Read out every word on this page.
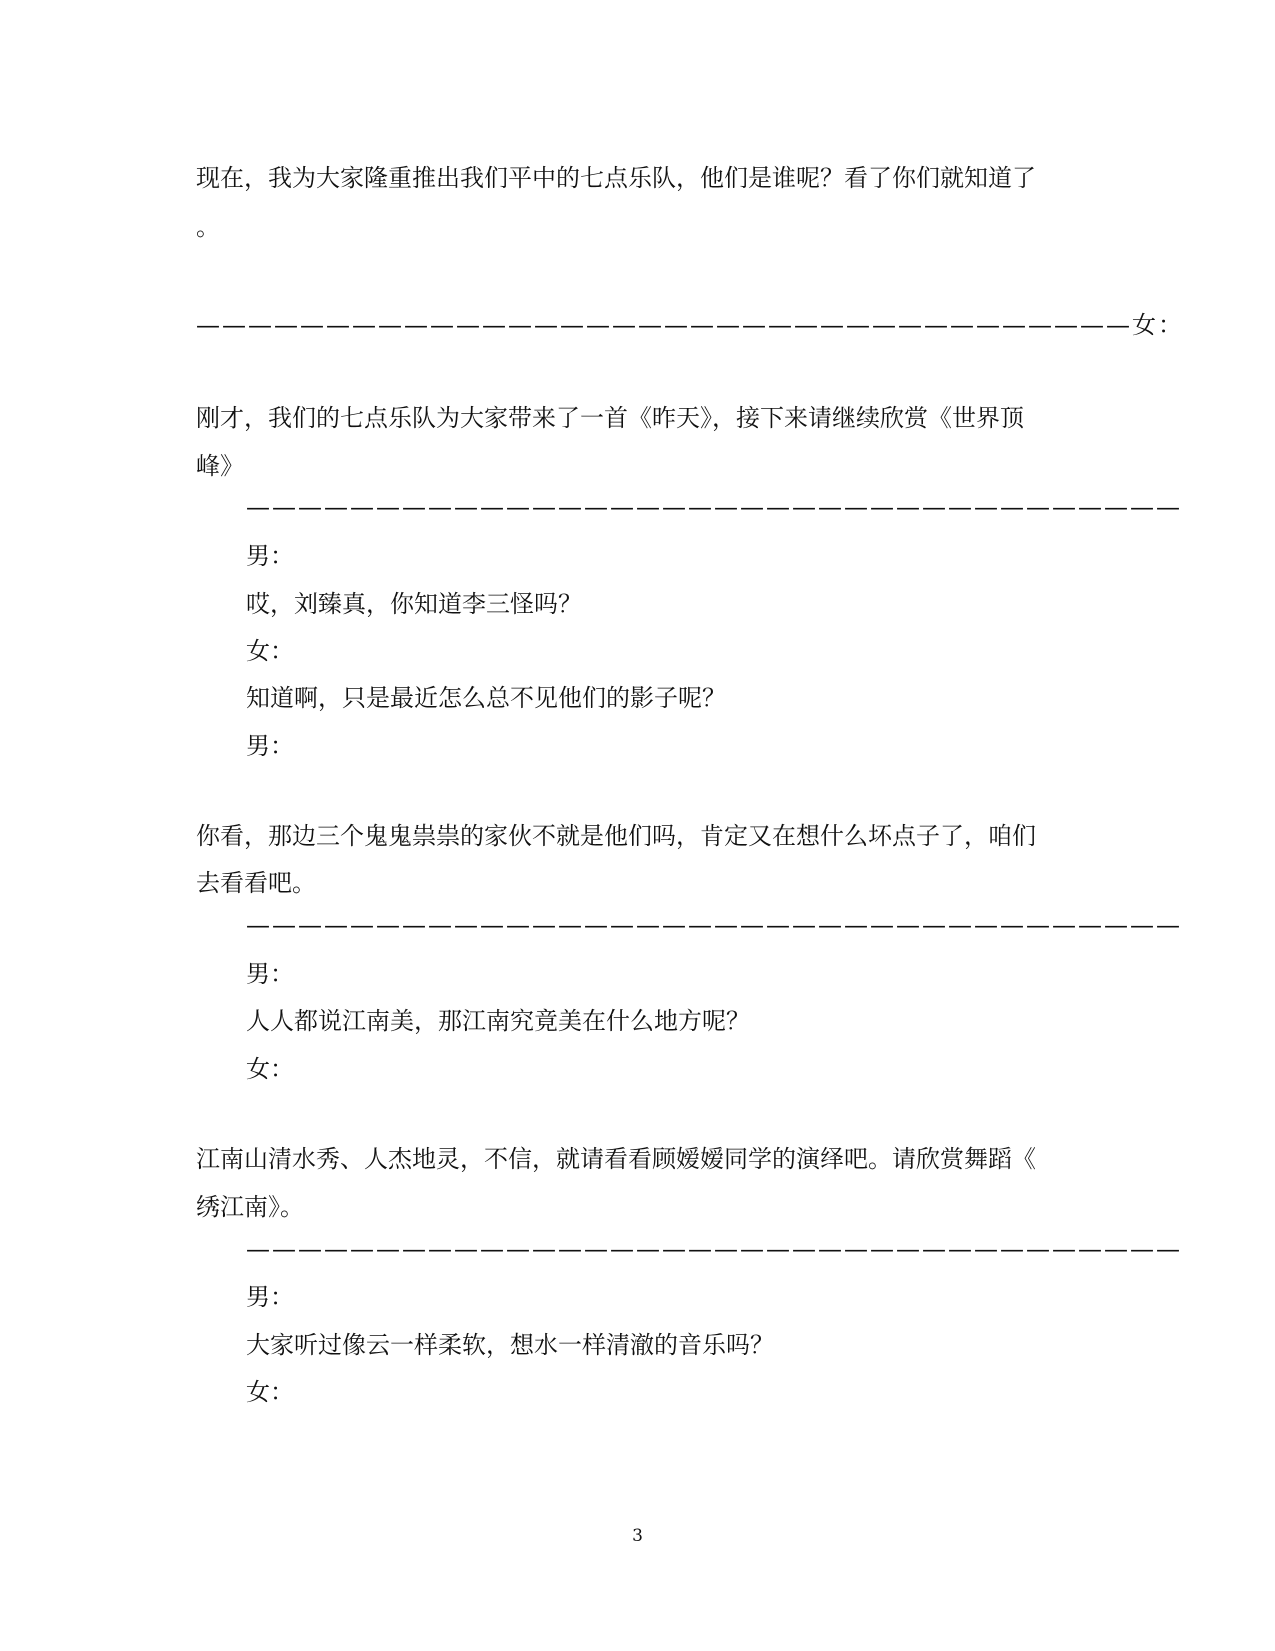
现在，我为大家隆重推出我们平中的七点乐队，他们是谁呢？看了你们就知道了
。
————————————————————————————————————女：
刚才，我们的七点乐队为大家带来了一首《昨天》，接下来请继续欣赏《世界顶
峰》
————————————————————————————————————
男：
哎，刘臻真，你知道李三怪吗？
女：
知道啊，只是最近怎么总不见他们的影子呢？
男：
你看，那边三个鬼鬼祟祟的家伙不就是他们吗，肯定又在想什么坏点子了，咱们
去看看吧。
————————————————————————————————————
男：
人人都说江南美，那江南究竟美在什么地方呢？
女：
江南山清水秀、人杰地灵，不信，就请看看顾嫒嫒同学的演绎吧。请欣赏舞蹈《
绣江南》。
————————————————————————————————————
男：
大家听过像云一样柔软，想水一样清澈的音乐吗？
女：
3
